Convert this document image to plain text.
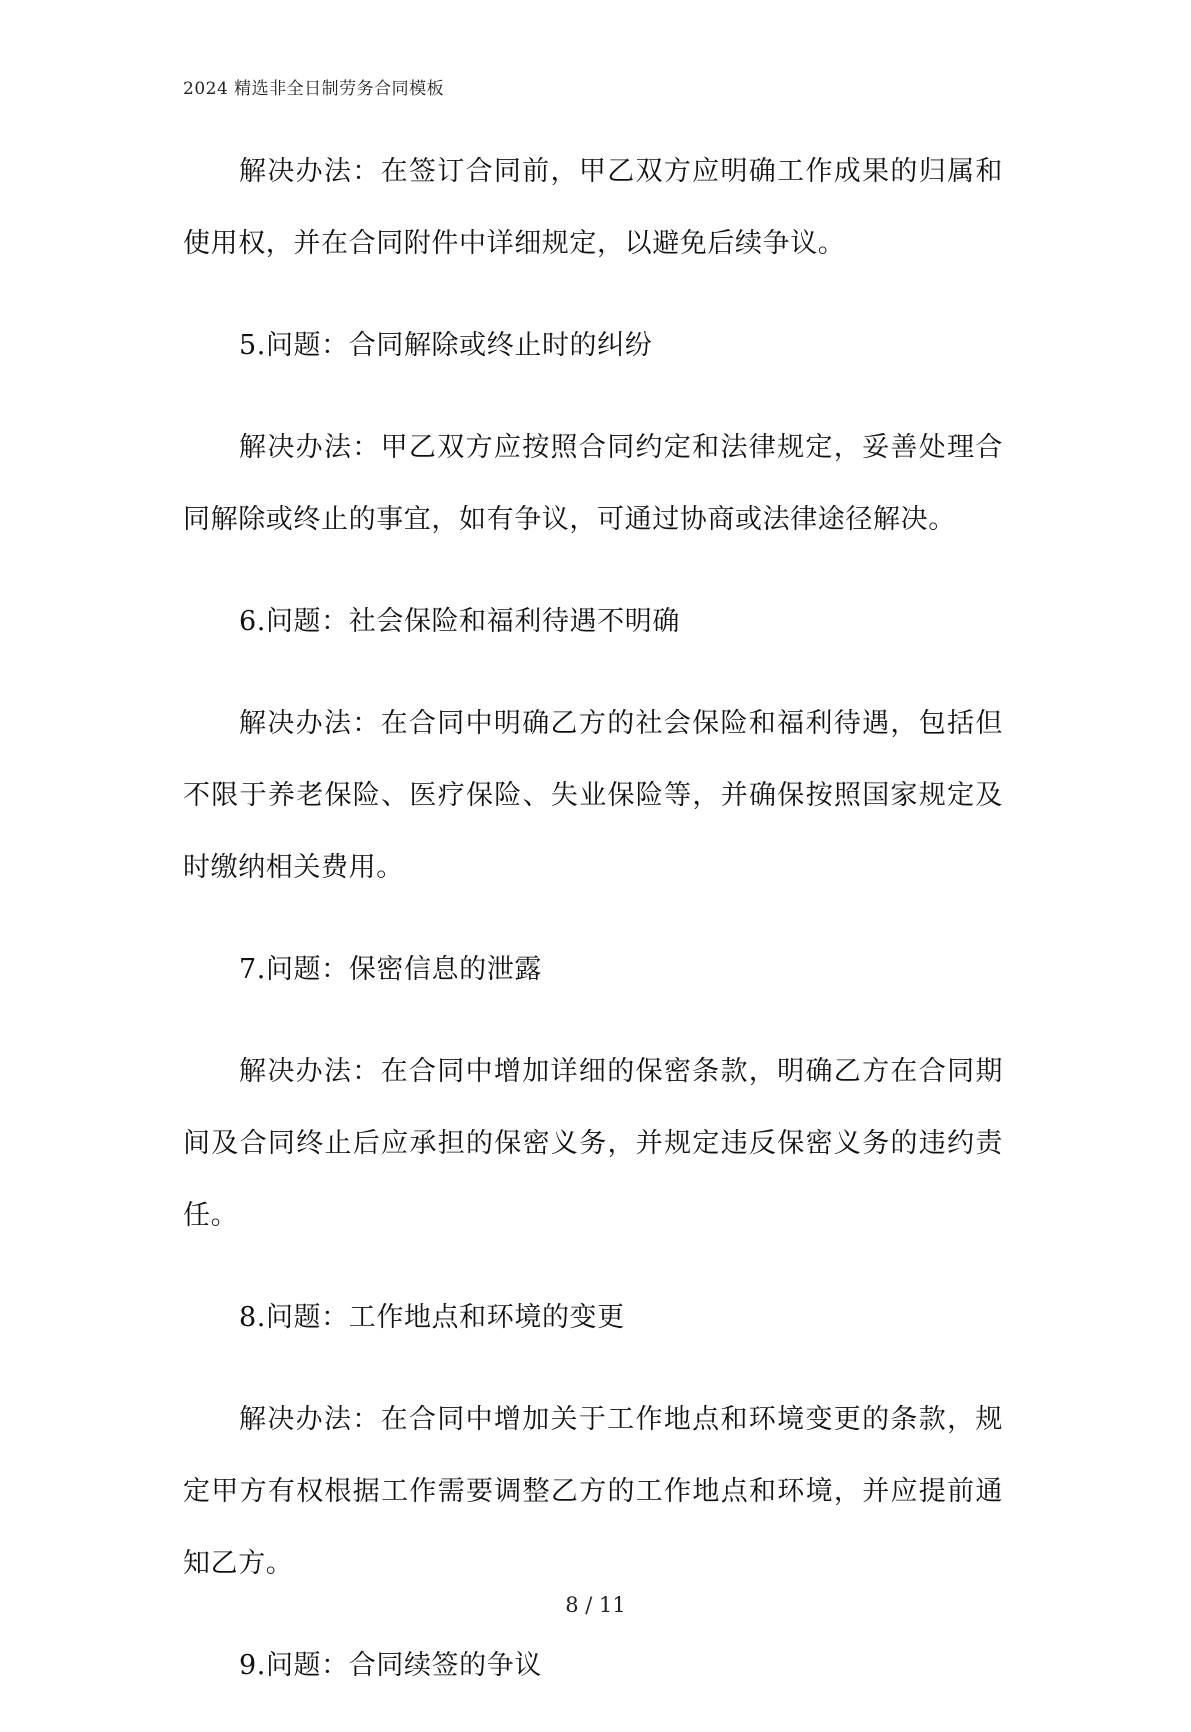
2024 精选非全日制劳务合同模板

解决办法：在签订合同前，甲乙双方应明确工作成果的归属和使用权，并在合同附件中详细规定，以避免后续争议。

5.问题：合同解除或终止时的纠纷

解决办法：甲乙双方应按照合同约定和法律规定，妥善处理合同解除或终止的事宜，如有争议，可通过协商或法律途径解决。

6.问题：社会保险和福利待遇不明确

解决办法：在合同中明确乙方的社会保险和福利待遇，包括但不限于养老保险、医疗保险、失业保险等，并确保按照国家规定及时缴纳相关费用。

7.问题：保密信息的泄露

解决办法：在合同中增加详细的保密条款，明确乙方在合同期间及合同终止后应承担的保密义务，并规定违反保密义务的违约责任。

8.问题：工作地点和环境的变更

解决办法：在合同中增加关于工作地点和环境变更的条款，规定甲方有权根据工作需要调整乙方的工作地点和环境，并应提前通知乙方。

9.问题：合同续签的争议

8 / 11
